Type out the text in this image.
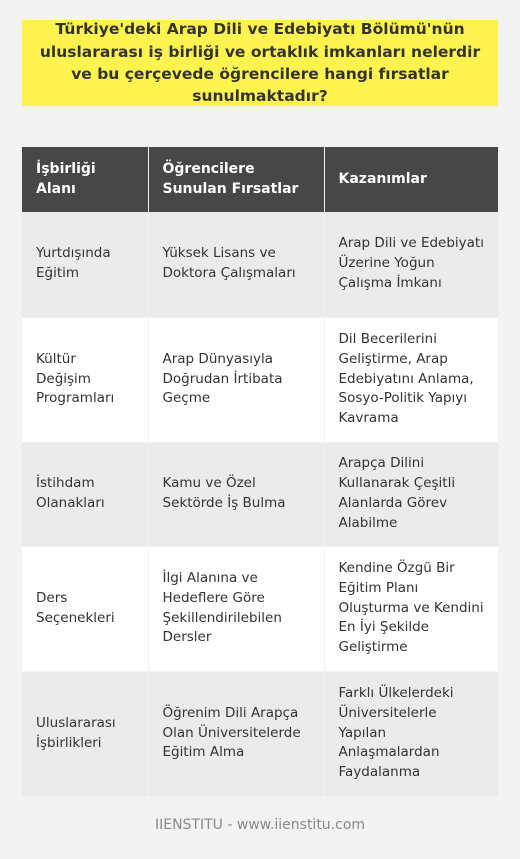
Türkiye'deki Arap Dili ve Edebiyatı Bölümü'nün uluslararası iş birliği ve ortaklık imkanları nelerdir ve bu çerçevede öğrencilere hangi fırsatlar sunulmaktadır?
İşbirliği Alanı	Öğrencilere Sunulan Fırsatlar	Kazanımlar
Yurtdışında Eğitim	Yüksek Lisans ve Doktora Çalışmaları	Arap Dili ve Edebiyatı Üzerine Yoğun Çalışma İmkanı
Kültür Değişim Programları	Arap Dünyasıyla Doğrudan İrtibata Geçme	Dil Becerilerini Geliştirme, Arap Edebiyatını Anlama, Sosyo-Politik Yapıyı Kavrama
İstihdam Olanakları	Kamu ve Özel Sektörde İş Bulma	Arapça Dilini Kullanarak Çeşitli Alanlarda Görev Alabilme
Ders Seçenekleri	İlgi Alanına ve Hedeflere Göre Şekillendirilebilen Dersler	Kendine Özgü Bir Eğitim Planı Oluşturma ve Kendini En İyi Şekilde Geliştirme
Uluslararası İşbirlikleri	Öğrenim Dili Arapça Olan Üniversitelerde Eğitim Alma	Farklı Ülkelerdeki Üniversitelerle Yapılan Anlaşmalardan Faydalanma
IIENSTITU - www.iienstitu.com
